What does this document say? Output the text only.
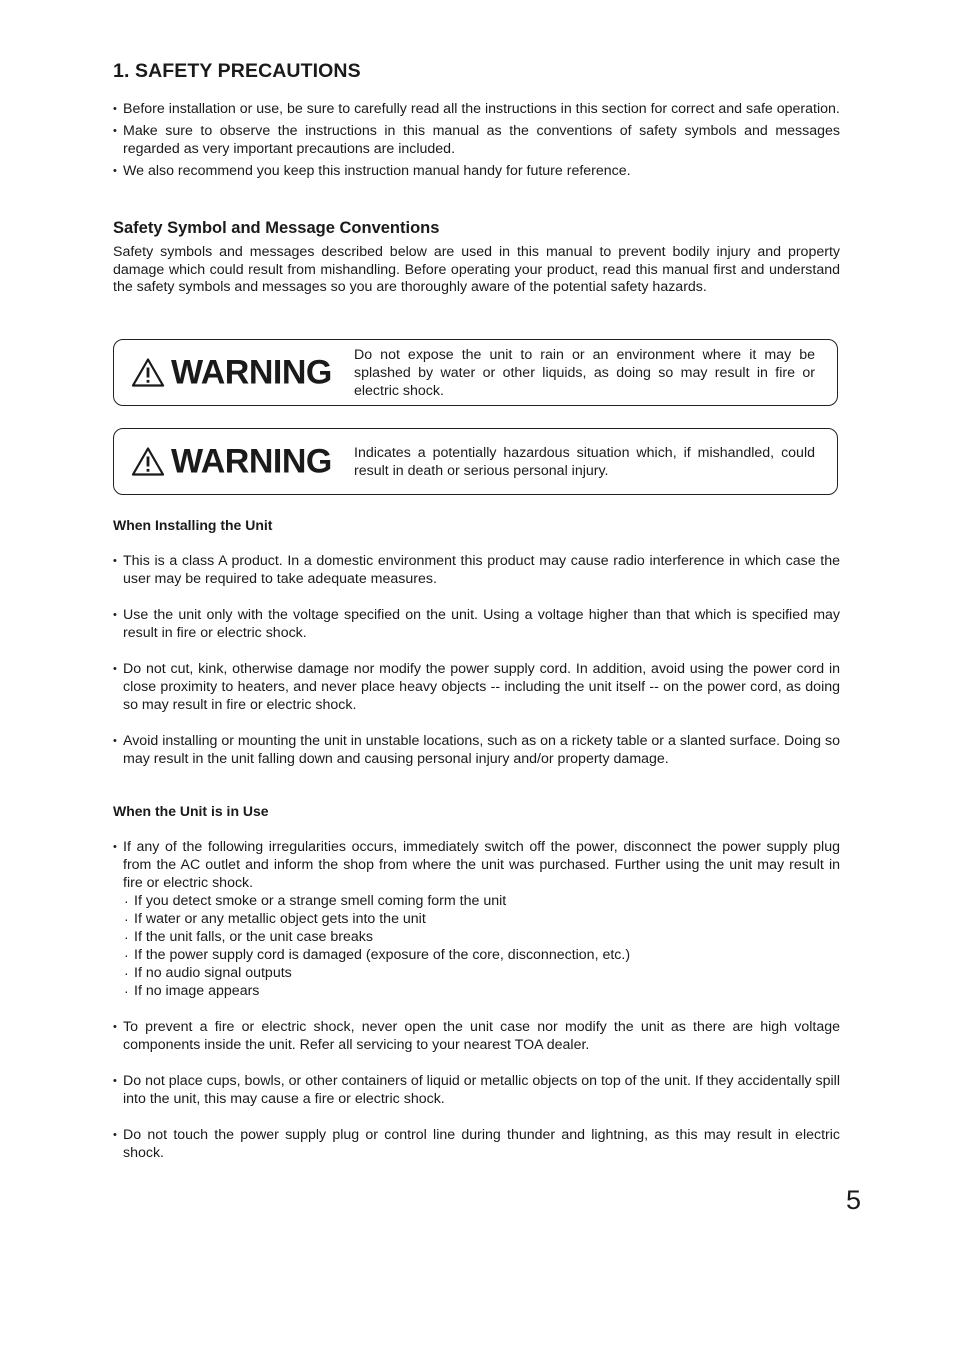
1. SAFETY PRECAUTIONS
• Before installation or use, be sure to carefully read all the instructions in this section for correct and safe operation.
• Make sure to observe the instructions in this manual as the conventions of safety symbols and messages regarded as very important precautions are included.
• We also recommend you keep this instruction manual handy for future reference.
Safety Symbol and Message Conventions

Safety symbols and messages described below are used in this manual to prevent bodily injury and property damage which could result from mishandling. Before operating your product, read this manual first and understand the safety symbols and messages so you are thoroughly aware of the potential safety hazards.

WARNING Do not expose the unit to rain or an environment where it may be splashed by water or other liquids, as doing so may result in fire or electric shock.
WARNING Indicates a potentially hazardous situation which, if mishandled, could result in death or serious personal injury.
When Installing the Unit
• This is a class A product. In a domestic environment this product may cause radio interference in which case the user may be required to take adequate measures.
• Use the unit only with the voltage specified on the unit. Using a voltage higher than that which is specified may result in fire or electric shock.
• Do not cut, kink, otherwise damage nor modify the power supply cord. In addition, avoid using the power cord in close proximity to heaters, and never place heavy objects -- including the unit itself -- on the power cord, as doing so may result in fire or electric shock.
• Avoid installing or mounting the unit in unstable locations, such as on a rickety table or a slanted surface. Doing so may result in the unit falling down and causing personal injury and/or property damage.
When the Unit is in Use
• If any of the following irregularities occurs, immediately switch off the power, disconnect the power supply plug from the AC outlet and inform the shop from where the unit was purchased. Further using the unit may result in fire or electric shock.
· If you detect smoke or a strange smell coming form the unit
· If water or any metallic object gets into the unit
· If the unit falls, or the unit case breaks
· If the power supply cord is damaged (exposure of the core, disconnection, etc.)
· If no audio signal outputs
· If no image appears
• To prevent a fire or electric shock, never open the unit case nor modify the unit as there are high voltage components inside the unit. Refer all servicing to your nearest TOA dealer.
• Do not place cups, bowls, or other containers of liquid or metallic objects on top of the unit. If they accidentally spill into the unit, this may cause a fire or electric shock.
• Do not touch the power supply plug or control line during thunder and lightning, as this may result in electric shock.
5
